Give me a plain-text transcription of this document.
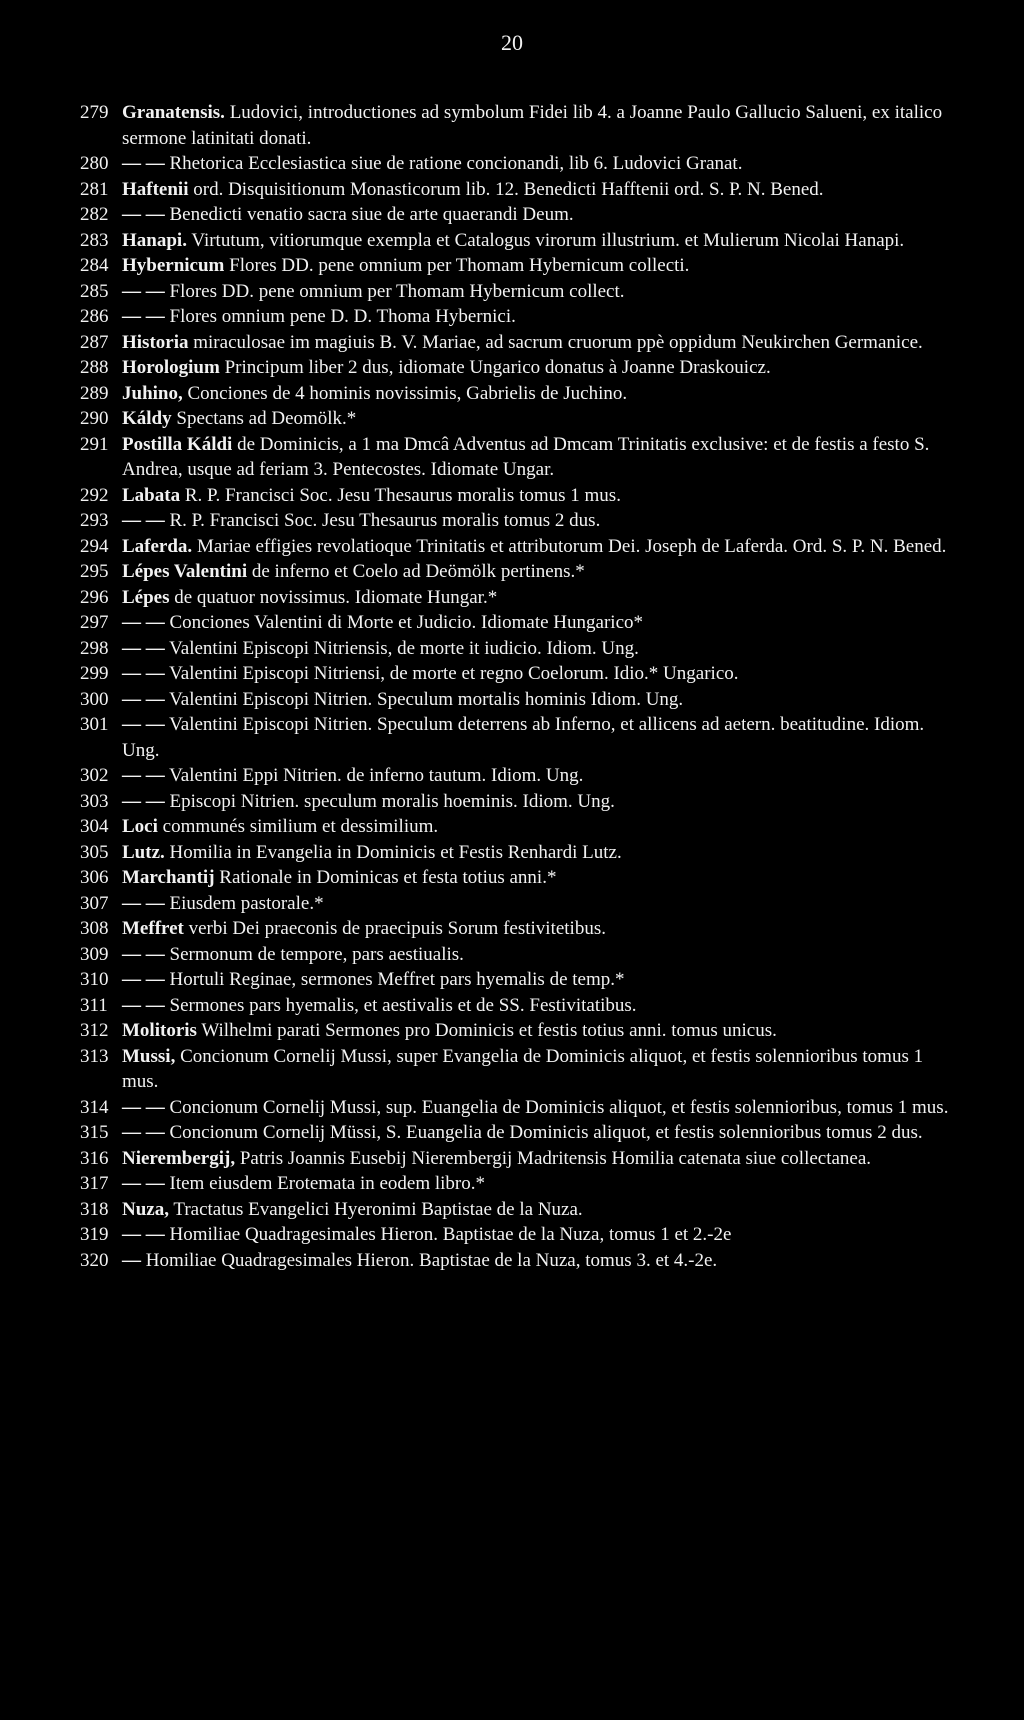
20

279 Granatensis. Ludovici, introductiones ad symbolum Fidei lib 4. a Joanne Paulo Gallucio Salueni, ex italico sermone latinitati donati.

280 — — Rhetorica Ecclesiastica siue de ratione concionandi, lib 6. Ludovici Granat.

281 Haftenii ord. Disquisitionum Monasticorum lib. 12. Benedicti Hafftenii ord. S. P. N. Bened.

282 — — Benedicti venatio sacra siue de arte quaerandi Deum.

283 Hanapi. Virtutum, vitiorumque exempla et Catalogus virorum illustrium. et Mulierum Nicolai Hanapi.

284 Hybernicum Flores DD. pene omnium per Thomam Hybernicum collecti.

285 — — Flores DD. pene omnium per Thomam Hybernicum collect.

286 — — Flores omnium pene D. D. Thoma Hybernici.

287 Historia miraculosae im magiuis B. V. Mariae, ad sacrum cruorum ppè oppidum Neukirchen Germanice.

288 Horologium Principum liber 2 dus, idiomate Ungarico donatus à Joanne Draskouicz.

289 Juhino, Conciones de 4 hominis novissimis, Gabrielis de Juchino.

290 Káldy Spectans ad Deomölk.*

291 Postilla Káldi de Dominicis, a 1 ma Dmcâ Adventus ad Dmcam Trinitatis exclusive: et de festis a festo S. Andrea, usque ad feriam 3. Pentecostes. Idiomate Ungar.

292 Labata R. P. Francisci Soc. Jesu Thesaurus moralis tomus 1 mus.

293 — — R. P. Francisci Soc. Jesu Thesaurus moralis tomus 2 dus.

294 Laferda. Mariae effigies revolatioque Trinitatis et attributorum Dei. Joseph de Laferda. Ord. S. P. N. Bened.

295 Lépes Valentini de inferno et Coelo ad Deömölk pertinens.*

296 Lépes de quatuor novissimus. Idiomate Hungar.*

297 — — Conciones Valentini di Morte et Judicio. Idiomate Hungarico*

298 — — Valentini Episcopi Nitriensis, de morte it iudicio. Idiom. Ung.

299 — — Valentini Episcopi Nitriensi, de morte et regno Coelorum. Idio.* Ungarico.

300 — — Valentini Episcopi Nitrien. Speculum mortalis hominis Idiom. Ung.

301 — — Valentini Episcopi Nitrien. Speculum deterrens ab Inferno, et allicens ad aetern. beatitudine. Idiom. Ung.

302 — — Valentini Eppi Nitrien. de inferno tautum. Idiom. Ung.

303 — — Episcopi Nitrien. speculum moralis hoeminis. Idiom. Ung.

304 Loci communés similium et dessimilium.

305 Lutz. Homilia in Evangelia in Dominicis et Festis Renhardi Lutz.

306 Marchantij Rationale in Dominicas et festa totius anni.*

307 — — Eiusdem pastorale.*

308 Meffret verbi Dei praeconis de praecipuis Sorum festivitetibus.

309 — — Sermonum de tempore, pars aestiualis.

310 — — Hortuli Reginae, sermones Meffret pars hyemalis de temp.*

311 — — Sermones pars hyemalis, et aestivalis et de SS. Festivitatibus.

312 Molitoris Wilhelmi parati Sermones pro Dominicis et festis totius anni. tomus unicus.

313 Mussi, Concionum Cornelij Mussi, super Evangelia de Dominicis aliquot, et festis solennioribus tomus 1 mus.

314 — — Concionum Cornelij Mussi, sup. Euangelia de Dominicis aliquot, et festis solennioribus, tomus 1 mus.

315 — — Concionum Cornelij Müssi, S. Euangelia de Dominicis aliquot, et festis solennioribus tomus 2 dus.

316 Nierembergij, Patris Joannis Eusebij Nierembergij Madritensis Homilia catenata siue collectanea.

317 — — Item eiusdem Erotemata in eodem libro.*

318 Nuza, Tractatus Evangelici Hyeronimi Baptistae de la Nuza.

319 — — Homiliae Quadragesimales Hieron. Baptistae de la Nuza, tomus 1 et 2.-2e

320 — Homiliae Quadragesimales Hieron. Baptistae de la Nuza, tomus 3. et 4.-2e.
